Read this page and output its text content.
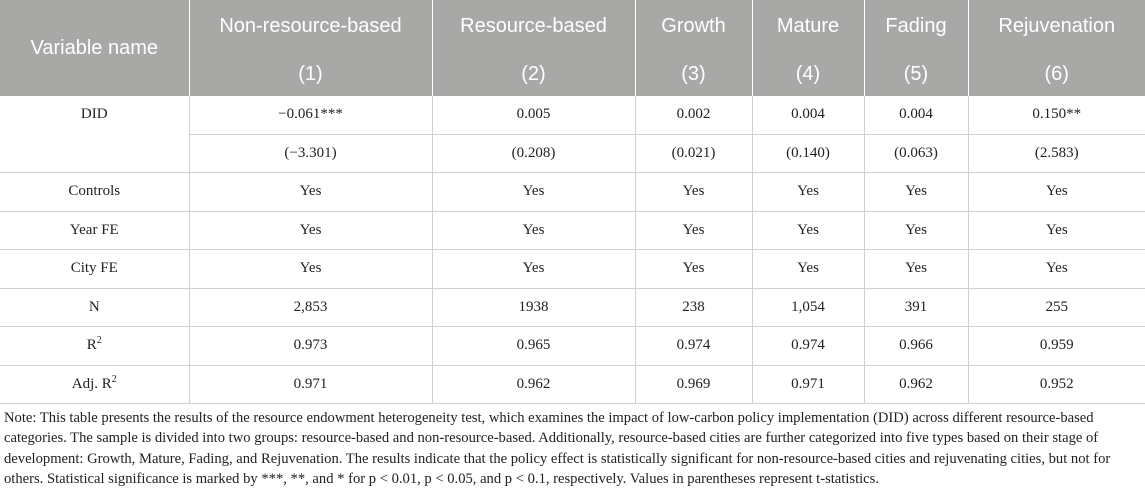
Variable name	Non-resource-based	Resource-based	Growth	Mature	Fading	Rejuvenation
	(1)	(2)	(3)	(4)	(5)	(6)
DID	−0.061***	0.005	0.002	0.004	0.004	0.150**
	(−3.301)	(0.208)	(0.021)	(0.140)	(0.063)	(2.583)
Controls	Yes	Yes	Yes	Yes	Yes	Yes
Year FE	Yes	Yes	Yes	Yes	Yes	Yes
City FE	Yes	Yes	Yes	Yes	Yes	Yes
N	2,853	1938	238	1,054	391	255
$R^2$	0.973	0.965	0.974	0.974	0.966	0.959
Adj. $R^2$	0.971	0.962	0.969	0.971	0.962	0.952

Note: This table presents the results of the resource endowment heterogeneity test, which examines the impact of low-carbon policy implementation (DID) across different resource-based categories. The sample is divided into two groups: resource-based and non-resource-based. Additionally, resource-based cities are further categorized into five types based on their stage of development: Growth, Mature, Fading, and Rejuvenation. The results indicate that the policy effect is statistically significant for non-resource-based cities and rejuvenating cities, but not for others. Statistical significance is marked by ***, **, and * for p < 0.01, p < 0.05, and p < 0.1, respectively. Values in parentheses represent t-statistics.
